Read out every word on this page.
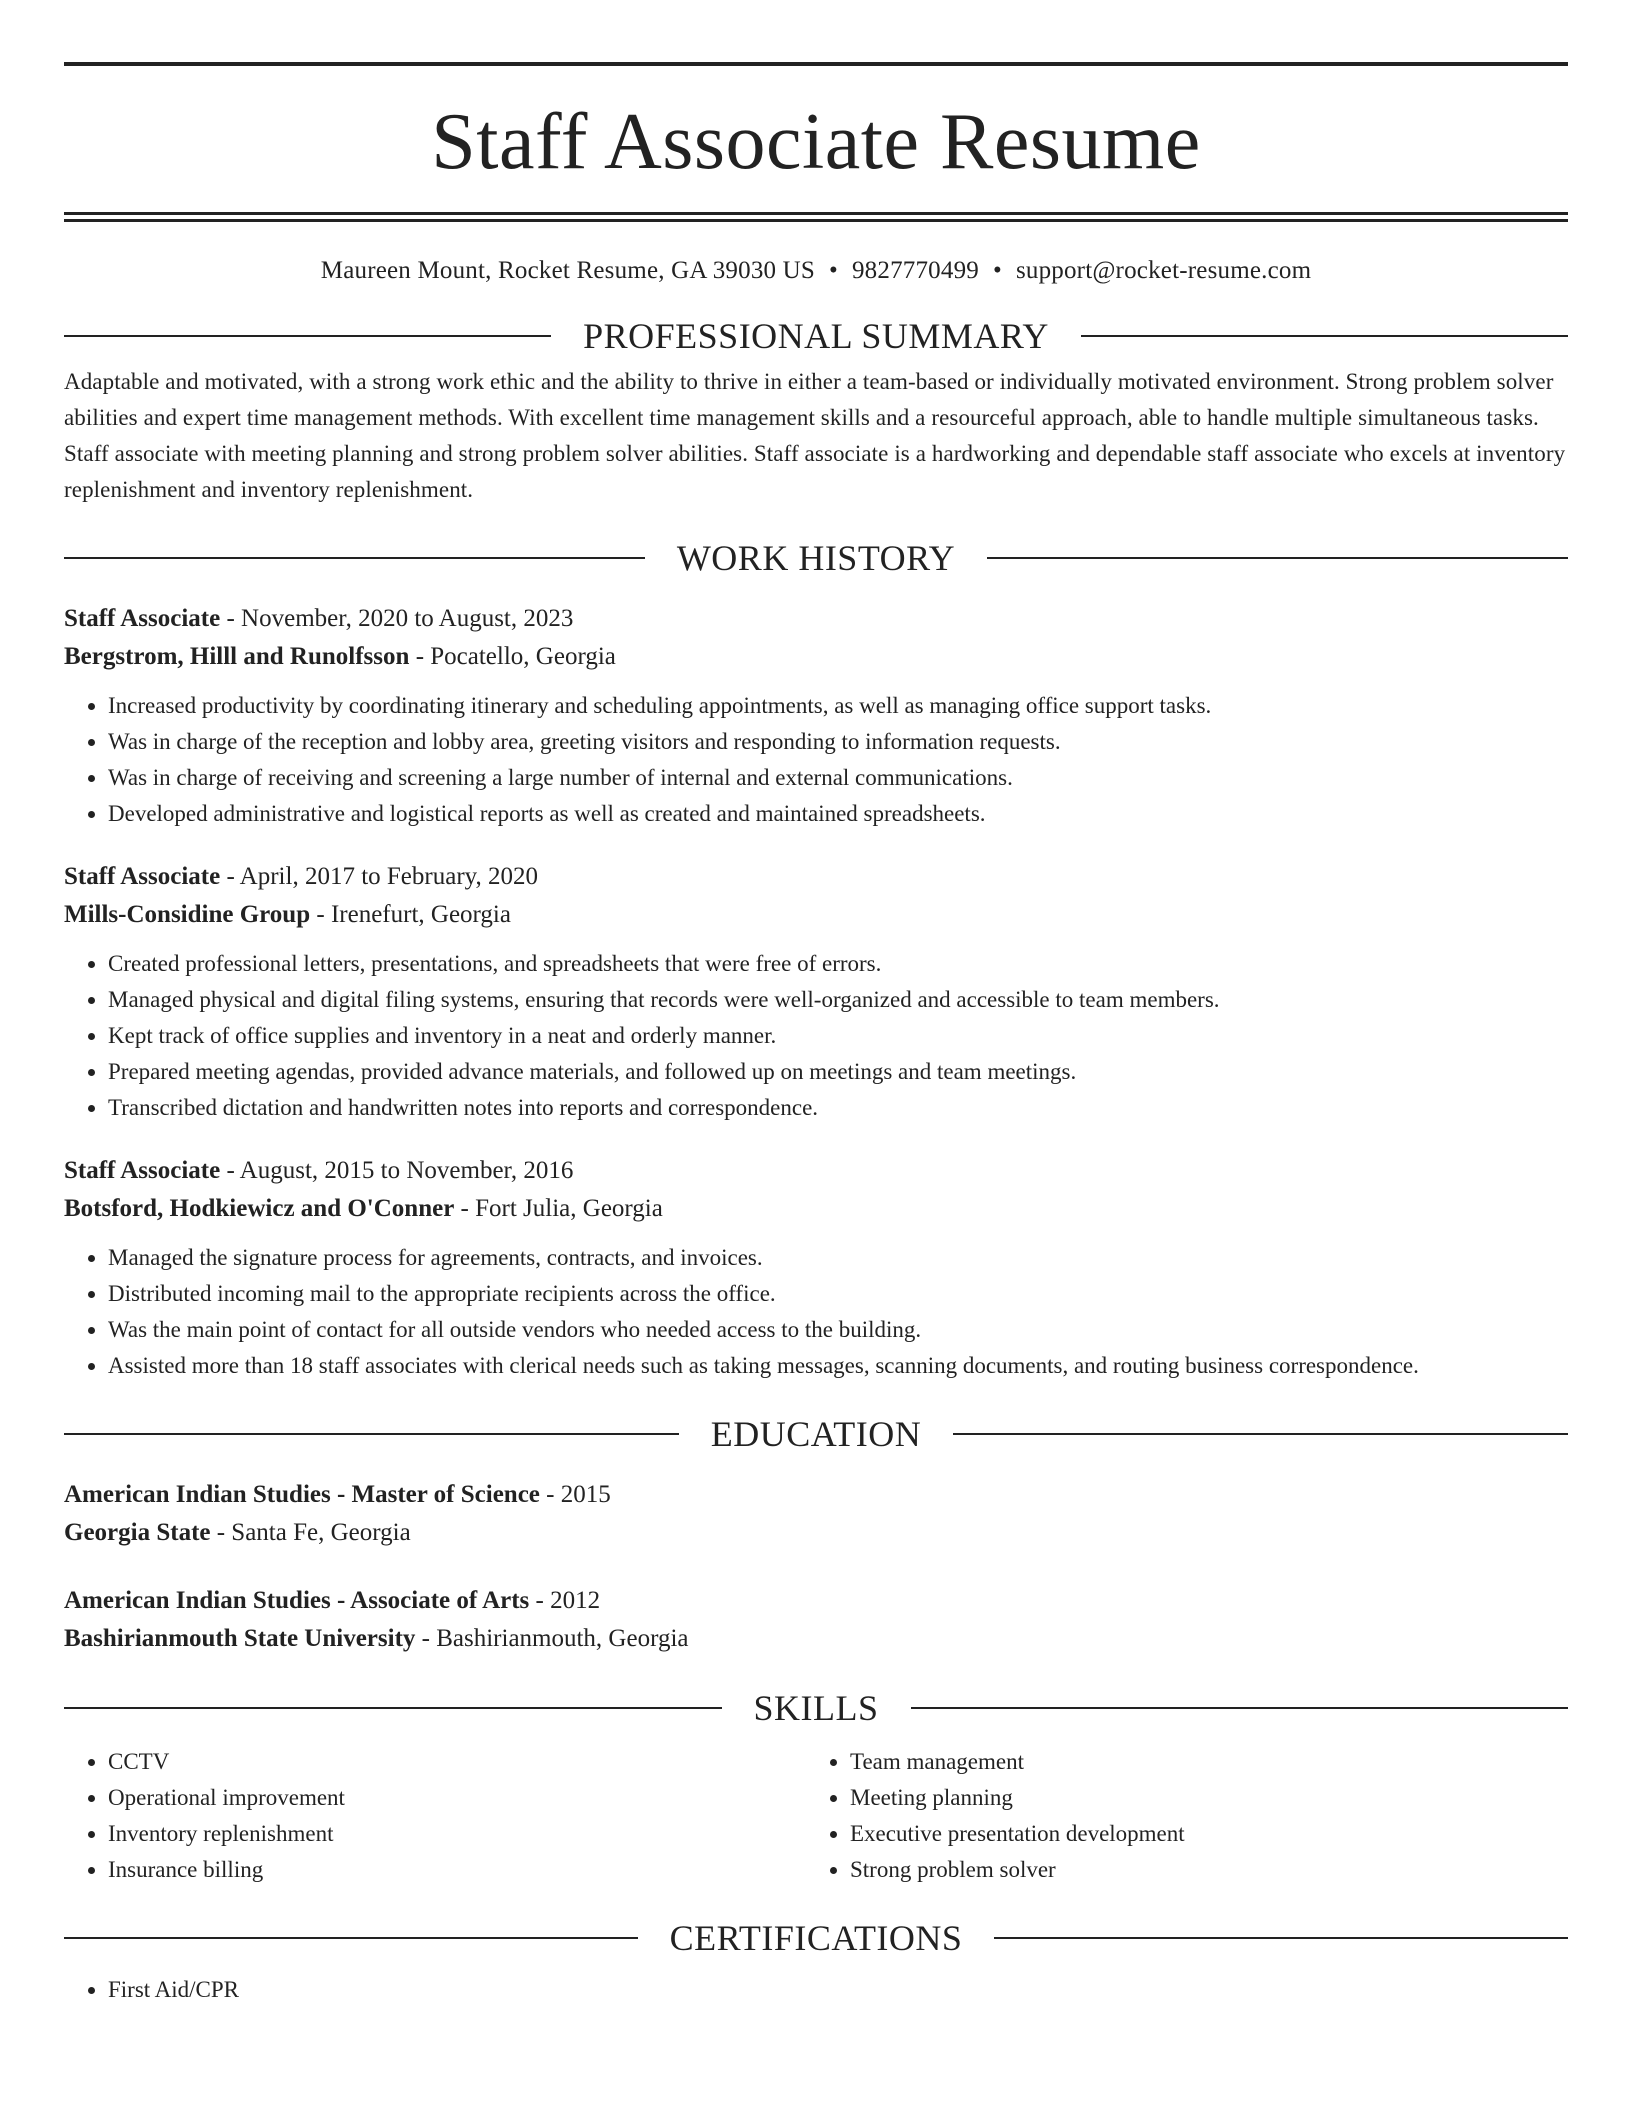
Staff Associate Resume
Maureen Mount, Rocket Resume, GA 39030 US • 9827770499 • support@rocket-resume.com
PROFESSIONAL SUMMARY
Adaptable and motivated, with a strong work ethic and the ability to thrive in either a team-based or individually motivated environment. Strong problem solver abilities and expert time management methods. With excellent time management skills and a resourceful approach, able to handle multiple simultaneous tasks. Staff associate with meeting planning and strong problem solver abilities. Staff associate is a hardworking and dependable staff associate who excels at inventory replenishment and inventory replenishment.
WORK HISTORY
Staff Associate - November, 2020 to August, 2023
Bergstrom, Hilll and Runolfsson - Pocatello, Georgia
• Increased productivity by coordinating itinerary and scheduling appointments, as well as managing office support tasks.
• Was in charge of the reception and lobby area, greeting visitors and responding to information requests.
• Was in charge of receiving and screening a large number of internal and external communications.
• Developed administrative and logistical reports as well as created and maintained spreadsheets.
Staff Associate - April, 2017 to February, 2020
Mills-Considine Group - Irenefurt, Georgia
• Created professional letters, presentations, and spreadsheets that were free of errors.
• Managed physical and digital filing systems, ensuring that records were well-organized and accessible to team members.
• Kept track of office supplies and inventory in a neat and orderly manner.
• Prepared meeting agendas, provided advance materials, and followed up on meetings and team meetings.
• Transcribed dictation and handwritten notes into reports and correspondence.
Staff Associate - August, 2015 to November, 2016
Botsford, Hodkiewicz and O'Conner - Fort Julia, Georgia
• Managed the signature process for agreements, contracts, and invoices.
• Distributed incoming mail to the appropriate recipients across the office.
• Was the main point of contact for all outside vendors who needed access to the building.
• Assisted more than 18 staff associates with clerical needs such as taking messages, scanning documents, and routing business correspondence.
EDUCATION
American Indian Studies - Master of Science - 2015
Georgia State - Santa Fe, Georgia
American Indian Studies - Associate of Arts - 2012
Bashirianmouth State University - Bashirianmouth, Georgia
SKILLS
• CCTV
• Operational improvement
• Inventory replenishment
• Insurance billing
• Team management
• Meeting planning
• Executive presentation development
• Strong problem solver
CERTIFICATIONS
• First Aid/CPR
